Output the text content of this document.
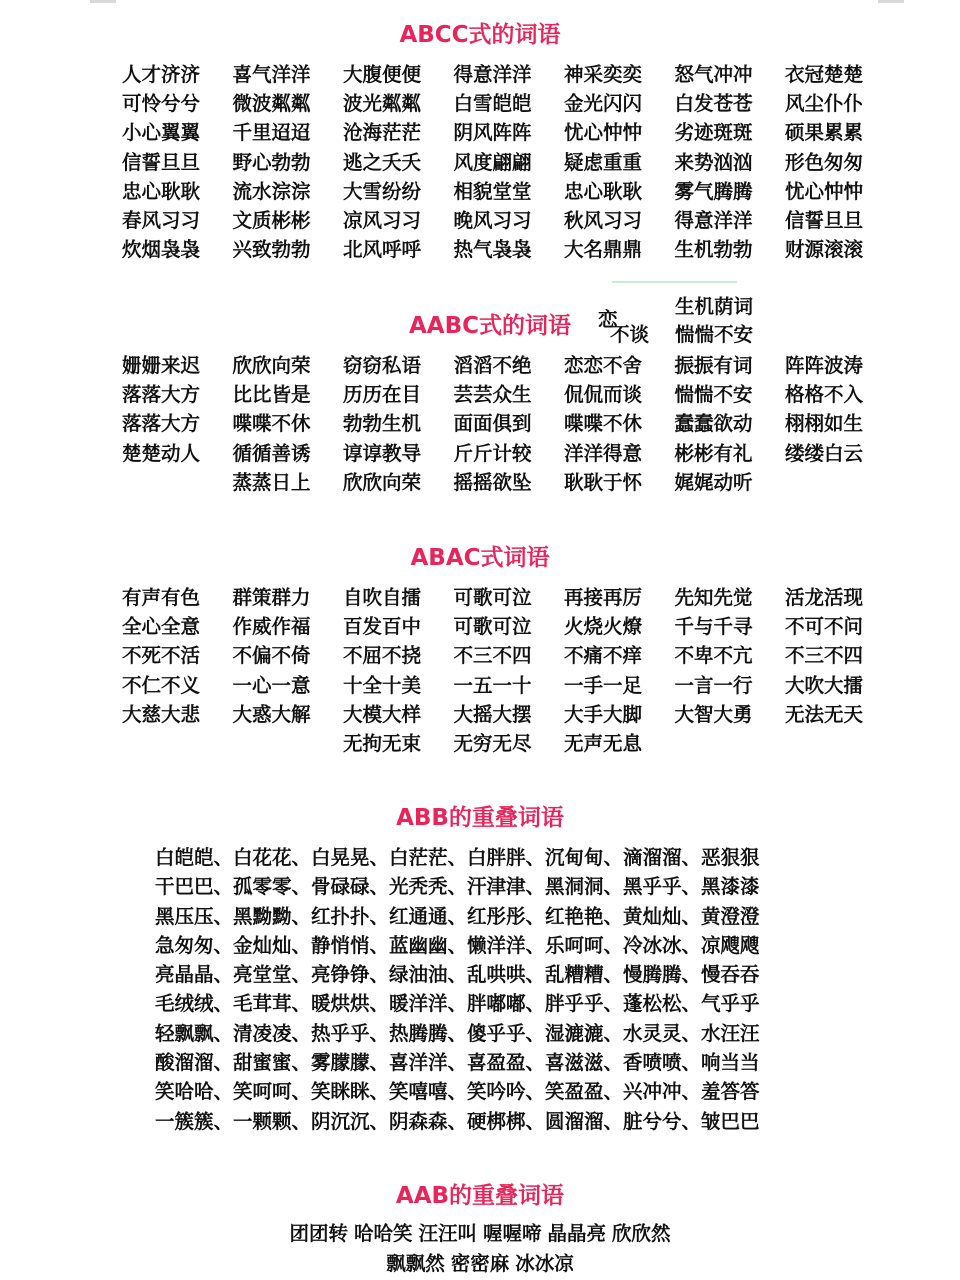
ABCC式的词语
人才济济	喜气洋洋	大腹便便	得意洋洋	神采奕奕	怒气冲冲	衣冠楚楚
可怜兮兮	微波粼粼	波光粼粼	白雪皑皑	金光闪闪	白发苍苍	风尘仆仆
小心翼翼	千里迢迢	沧海茫茫	阴风阵阵	忧心忡忡	劣迹斑斑	硕果累累
信誓旦旦	野心勃勃	逃之夭夭	风度翩翩	疑虑重重	来势汹汹	形色匆匆
忠心耿耿	流水淙淙	大雪纷纷	相貌堂堂	忠心耿耿	雾气腾腾	忧心忡忡
春风习习	文质彬彬	凉风习习	晚风习习	秋风习习	得意洋洋	信誓旦旦
炊烟袅袅	兴致勃勃	北风呼呼	热气袅袅	大名鼎鼎	生机勃勃	财源滚滚
生机荫词
惴惴不安
恋
不谈
AABC式的词语
姗姗来迟	欣欣向荣	窃窃私语	滔滔不绝	恋恋不舍	振振有词	阵阵波涛
落落大方	比比皆是	历历在目	芸芸众生	侃侃而谈	惴惴不安	格格不入
落落大方	喋喋不休	勃勃生机	面面俱到	喋喋不休	蠢蠢欲动	栩栩如生
楚楚动人	循循善诱	谆谆教导	斤斤计较	洋洋得意	彬彬有礼	缕缕白云
蒸蒸日上	欣欣向荣	摇摇欲坠	耿耿于怀	娓娓动听
ABAC式词语
有声有色	群策群力	自吹自擂	可歌可泣	再接再厉	先知先觉	活龙活现
全心全意	作威作福	百发百中	可歌可泣	火烧火燎	千与千寻	不可不问
不死不活	不偏不倚	不屈不挠	不三不四	不痛不痒	不卑不亢	不三不四
不仁不义	一心一意	十全十美	一五一十	一手一足	一言一行	大吹大擂
大慈大悲	大惑大解	大模大样	大摇大摆	大手大脚	大智大勇	无法无天
无拘无束	无穷无尽	无声无息
ABB的重叠词语
白皑皑、白花花、白晃晃、白茫茫、白胖胖、沉甸甸、滴溜溜、恶狠狠
干巴巴、孤零零、骨碌碌、光秃秃、汗津津、黑洞洞、黑乎乎、黑漆漆
黑压压、黑黝黝、红扑扑、红通通、红彤彤、红艳艳、黄灿灿、黄澄澄
急匆匆、金灿灿、静悄悄、蓝幽幽、懒洋洋、乐呵呵、冷冰冰、凉飕飕
亮晶晶、亮堂堂、亮铮铮、绿油油、乱哄哄、乱糟糟、慢腾腾、慢吞吞
毛绒绒、毛茸茸、暖烘烘、暖洋洋、胖嘟嘟、胖乎乎、蓬松松、气乎乎
轻飘飘、清凌凌、热乎乎、热腾腾、傻乎乎、湿漉漉、水灵灵、水汪汪
酸溜溜、甜蜜蜜、雾朦朦、喜洋洋、喜盈盈、喜滋滋、香喷喷、响当当
笑哈哈、笑呵呵、笑眯眯、笑嘻嘻、笑吟吟、笑盈盈、兴冲冲、羞答答
一簇簇、一颗颗、阴沉沉、阴森森、硬梆梆、圆溜溜、脏兮兮、皱巴巴
AAB的重叠词语
团团转 哈哈笑 汪汪叫 喔喔啼 晶晶亮 欣欣然
飘飘然 密密麻 冰冰凉
